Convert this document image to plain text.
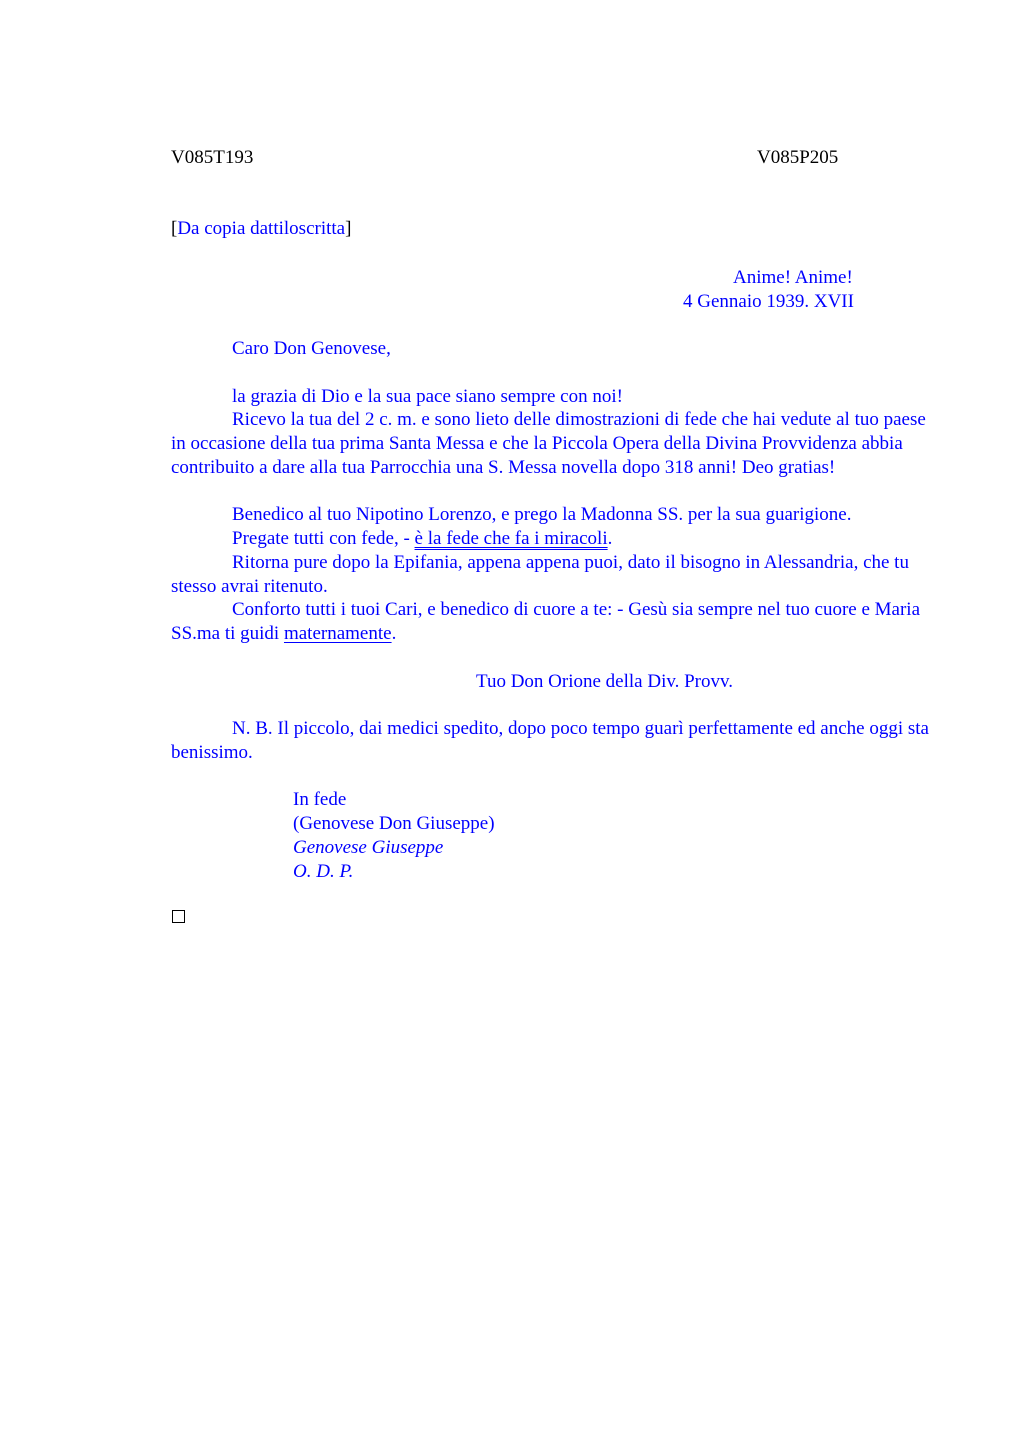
V085T193	V085P205
[Da copia dattiloscritta]
Anime! Anime!
4 Gennaio 1939. XVII
Caro Don Genovese,
la grazia di Dio e la sua pace siano sempre con noi!

Ricevo la tua del 2 c. m. e sono lieto delle dimostrazioni di fede che hai vedute al tuo paese in occasione della tua prima Santa Messa e che la Piccola Opera della Divina Provvidenza abbia contribuito a dare alla tua Parrocchia una S. Messa novella dopo 318 anni! Deo gratias!

Benedico al tuo Nipotino Lorenzo, e prego la Madonna SS. per la sua guarigione.

Pregate tutti con fede, - è la fede che fa i miracoli.

Ritorna pure dopo la Epifania, appena appena puoi, dato il bisogno in Alessandria, che tu stesso avrai ritenuto.

Conforto tutti i tuoi Cari, e benedico di cuore a te: - Gesù sia sempre nel tuo cuore e Maria SS.ma ti guidi maternamente.

Tuo Don Orione della Div. Provv.

N. B. Il piccolo, dai medici spedito, dopo poco tempo guarì perfettamente ed anche oggi sta benissimo.

In fede
(Genovese Don Giuseppe)
Genovese Giuseppe
O. D. P.
